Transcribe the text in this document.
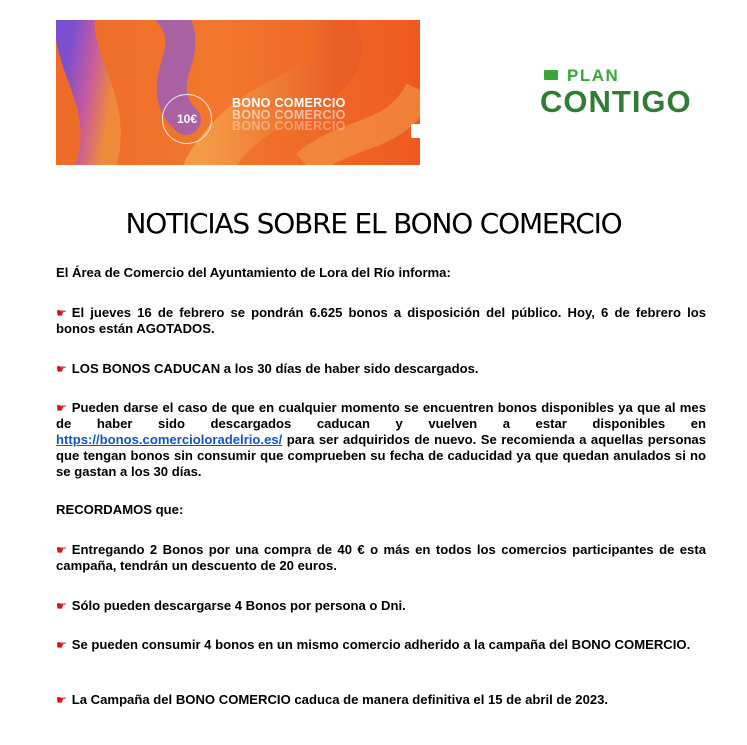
10€
BONO COMERCIO
BONO COMERCIO
BONO COMERCIO
PLAN
CONTIGO
NOTICIAS SOBRE EL BONO COMERCIO
El Área de Comercio del Ayuntamiento de Lora del Río informa:
☛ El jueves 16 de febrero se pondrán 6.625 bonos a disposición del público. Hoy, 6 de febrero los bonos están AGOTADOS.
☛ LOS BONOS CADUCAN a los 30 días de haber sido descargados.
☛ Pueden darse el caso de que en cualquier momento se encuentren bonos disponibles ya que al mes de haber sido descargados caducan y vuelven a estar disponibles en https://bonos.comercioloradelrio.es/ para ser adquiridos de nuevo. Se recomienda a aquellas personas que tengan bonos sin consumir que comprueben su fecha de caducidad ya que quedan anulados si no se gastan a los 30 días.
RECORDAMOS que:
☛ Entregando 2 Bonos por una compra de 40 € o más en todos los comercios participantes de esta campaña, tendrán un descuento de 20 euros.
☛ Sólo pueden descargarse 4 Bonos por persona o Dni.
☛ Se pueden consumir 4 bonos en un mismo comercio adherido a la campaña del BONO COMERCIO.
☛ La Campaña del BONO COMERCIO caduca de manera definitiva el 15 de abril de 2023.
